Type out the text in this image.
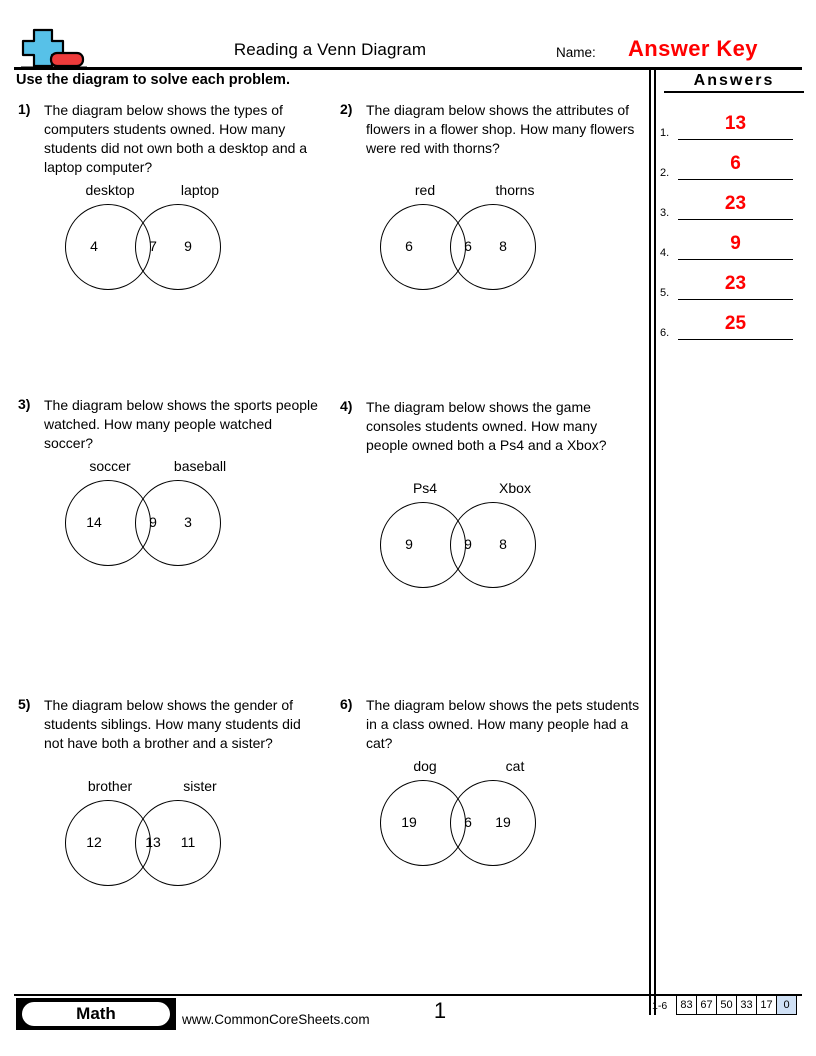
Reading a Venn Diagram	Name: Answer Key
Use the diagram to solve each problem.	Answers
1.	13
2.	6
3.	23
4.	9
5.	23
6.	25
1) The diagram below shows the types of computers students owned. How many students did not own both a desktop and a laptop computer?
desktop	laptop
4	7	9
2) The diagram below shows the attributes of flowers in a flower shop. How many flowers were red with thorns?
red	thorns
6	6	8
3) The diagram below shows the sports people watched. How many people watched soccer?
soccer	baseball
14	9	3
4) The diagram below shows the game consoles students owned. How many people owned both a Ps4 and a Xbox?
Ps4	Xbox
9	9	8
5) The diagram below shows the gender of students siblings. How many students did not have both a brother and a sister?
brother	sister
12	13	11
6) The diagram below shows the pets students in a class owned. How many people had a cat?
dog	cat
19	6	19
Math	www.CommonCoreSheets.com	1	1-6	83 67 50 33 17 0
